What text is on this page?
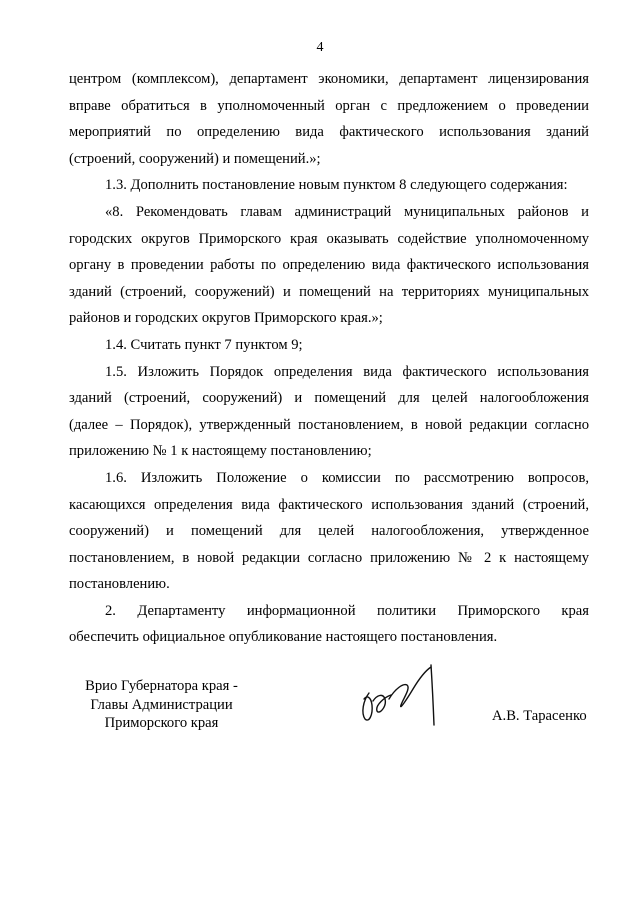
4

центром (комплексом), департамент экономики, департамент лицензирования
вправе обратиться в уполномоченный орган с предложением о проведении
мероприятий по определению вида фактического использования зданий
(строений, сооружений) и помещений.»;

1.3. Дополнить постановление новым пунктом 8 следующего содержания:

«8. Рекомендовать главам администраций муниципальных районов и
городских округов Приморского края оказывать содействие уполномоченному
органу в проведении работы по определению вида фактического использования
зданий (строений, сооружений) и помещений на территориях муниципальных
районов и городских округов Приморского края.»;

1.4. Считать пункт 7 пунктом 9;

1.5. Изложить Порядок определения вида фактического использования
зданий (строений, сооружений) и помещений для целей налогообложения
(далее – Порядок), утвержденный постановлением, в новой редакции согласно
приложению № 1 к настоящему постановлению;

1.6. Изложить Положение о комиссии по рассмотрению вопросов,
касающихся определения вида фактического использования зданий (строений,
сооружений) и помещений для целей налогообложения, утвержденное
постановлением, в новой редакции согласно приложению № 2 к настоящему
постановлению.

2. Департаменту информационной политики Приморского края
обеспечить официальное опубликование настоящего постановления.

Врио Губернатора края -
Главы Администрации
Приморского края	А.В. Тарасенко
